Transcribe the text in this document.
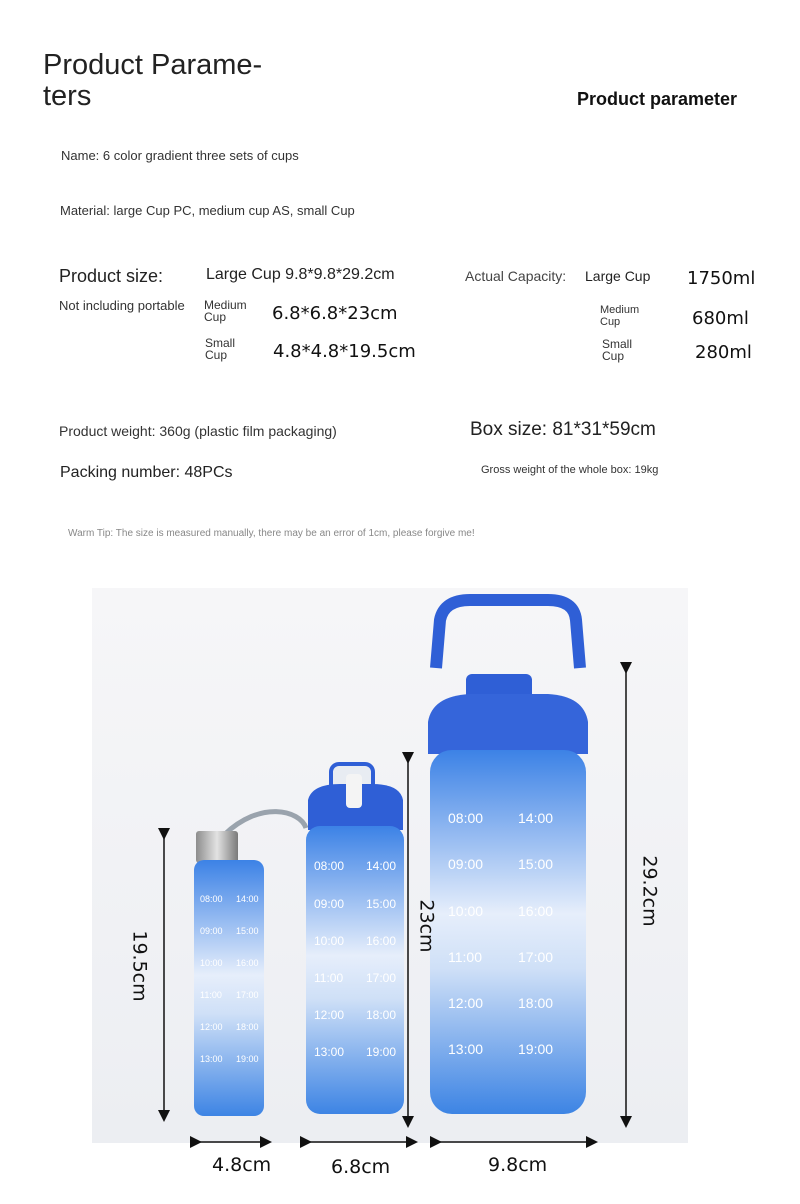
Product Parame-
ters	Product parameter
Name: 6 color gradient three sets of cups
Material: large Cup PC, medium cup AS, small Cup
Product size:
Not including portable
Large Cup 9.8*9.8*29.2cm
Medium Cup	6.8*6.8*23cm
Small Cup	4.8*4.8*19.5cm
Actual Capacity: Large Cup 1750ml
Medium Cup	680ml
Small Cup	280ml
Product weight: 360g (plastic film packaging)	Box size: 81*31*59cm
Packing number: 48PCs	Gross weight of the whole box: 19kg
Warm Tip: The size is measured manually, there may be an error of 1cm, please forgive me!
08:00 14:00
09:00 15:00
10:00 16:00
11:00 17:00
12:00 18:00
13:00 19:00
08:00 14:00
09:00 15:00
10:00 16:00
11:00 17:00
12:00 18:00
13:00 19:00
08:00 14:00
09:00 15:00
10:00 16:00
11:00	17:00
12:00 18:00
13:00 19:00
19.5cm
23cm	29.2cm
4.8cm	6.8cm	9.8cm
